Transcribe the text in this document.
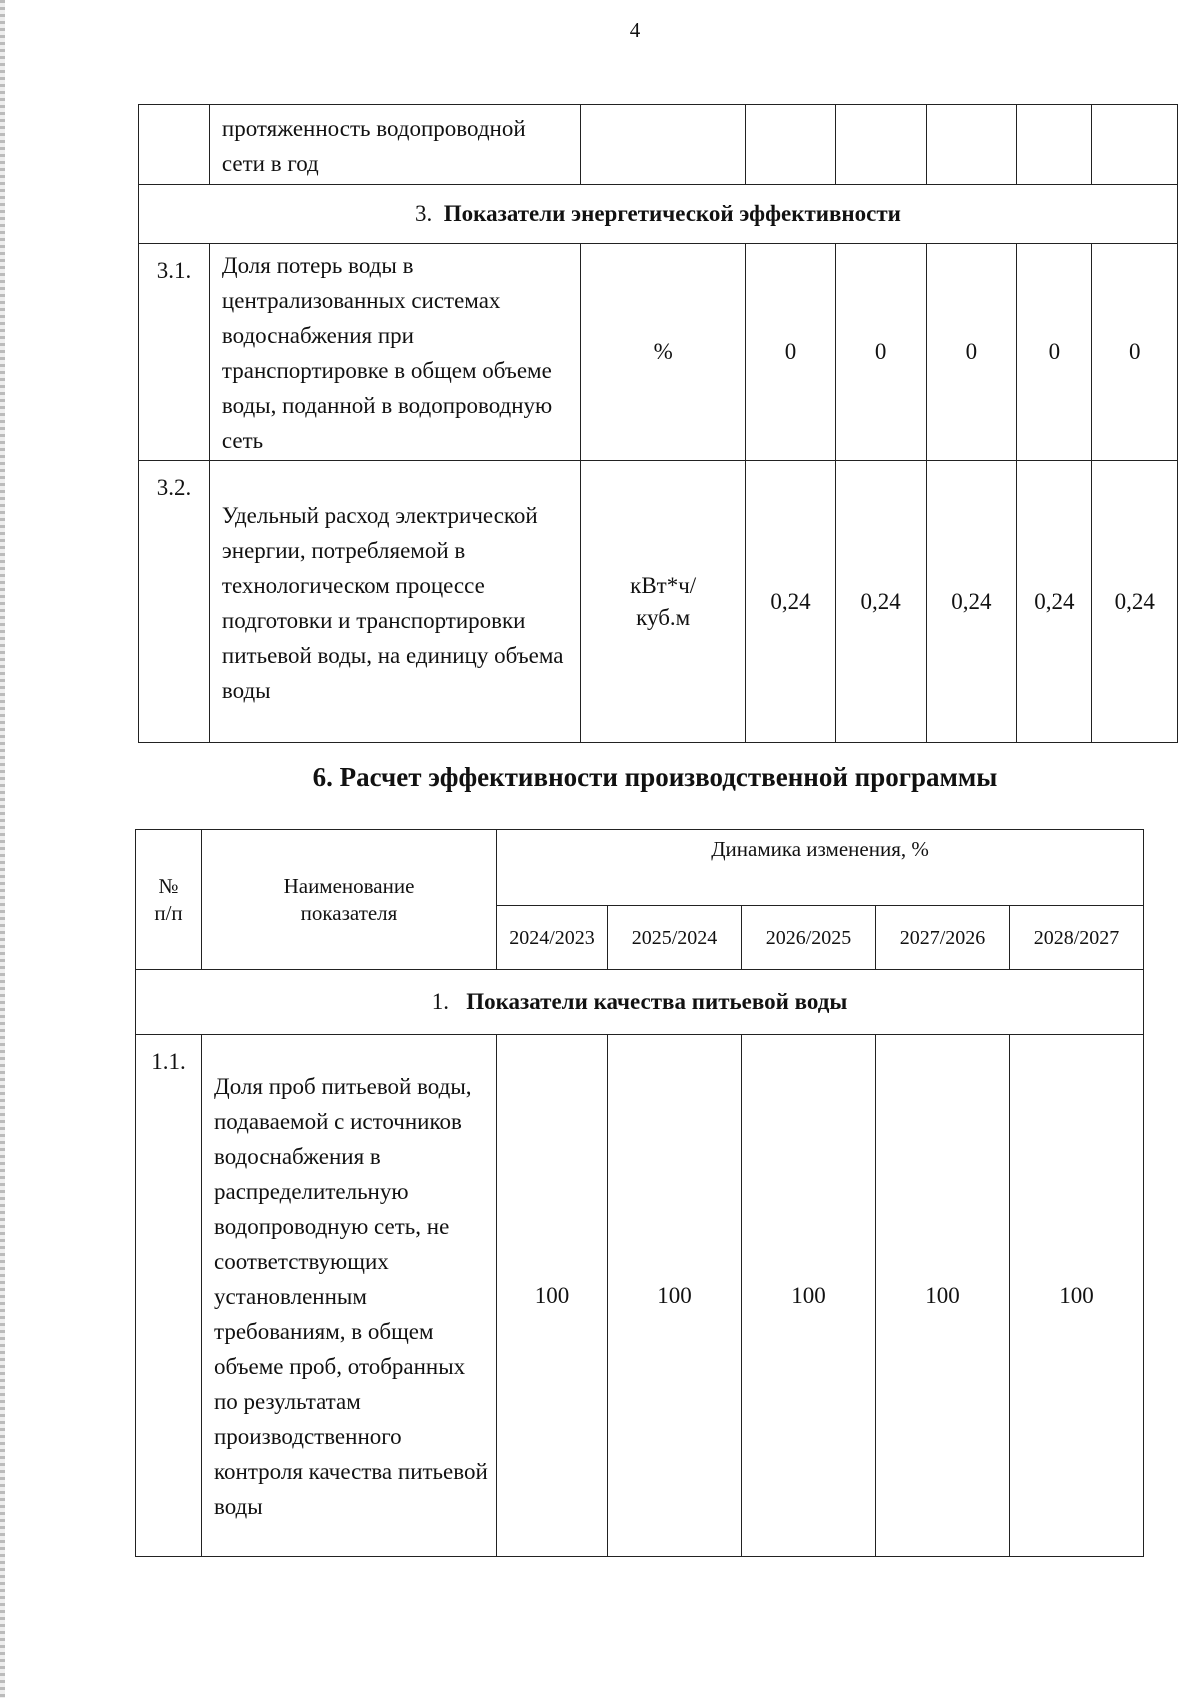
4
	протяженность водопроводной сети в год						
3. Показатели энергетической эффективности							
3.1.	Доля потерь воды в централизованных системах водоснабжения при транспортировке в общем объеме воды, поданной в водопроводную сеть	%	0	0	0	0	0
3.2.	Удельный расход электрической энергии, потребляемой в технологическом процессе подготовки и транспортировки питьевой воды, на единицу объема воды	кВт*ч/ куб.м	0,24	0,24	0,24	0,24	0,24
6. Расчет эффективности производственной программы
№ п/п	Наименование показателя	Динамика изменения, %				
		2024/2023	2025/2024	2026/2025	2027/2026	2028/2027
1. Показатели качества питьевой воды						
1.1.	Доля проб питьевой воды, подаваемой с источников водоснабжения в распределительную водопроводную сеть, не соответствующих установленным требованиям, в общем объеме проб, отобранных по результатам производственного контроля качества питьевой воды	100	100	100	100	100
